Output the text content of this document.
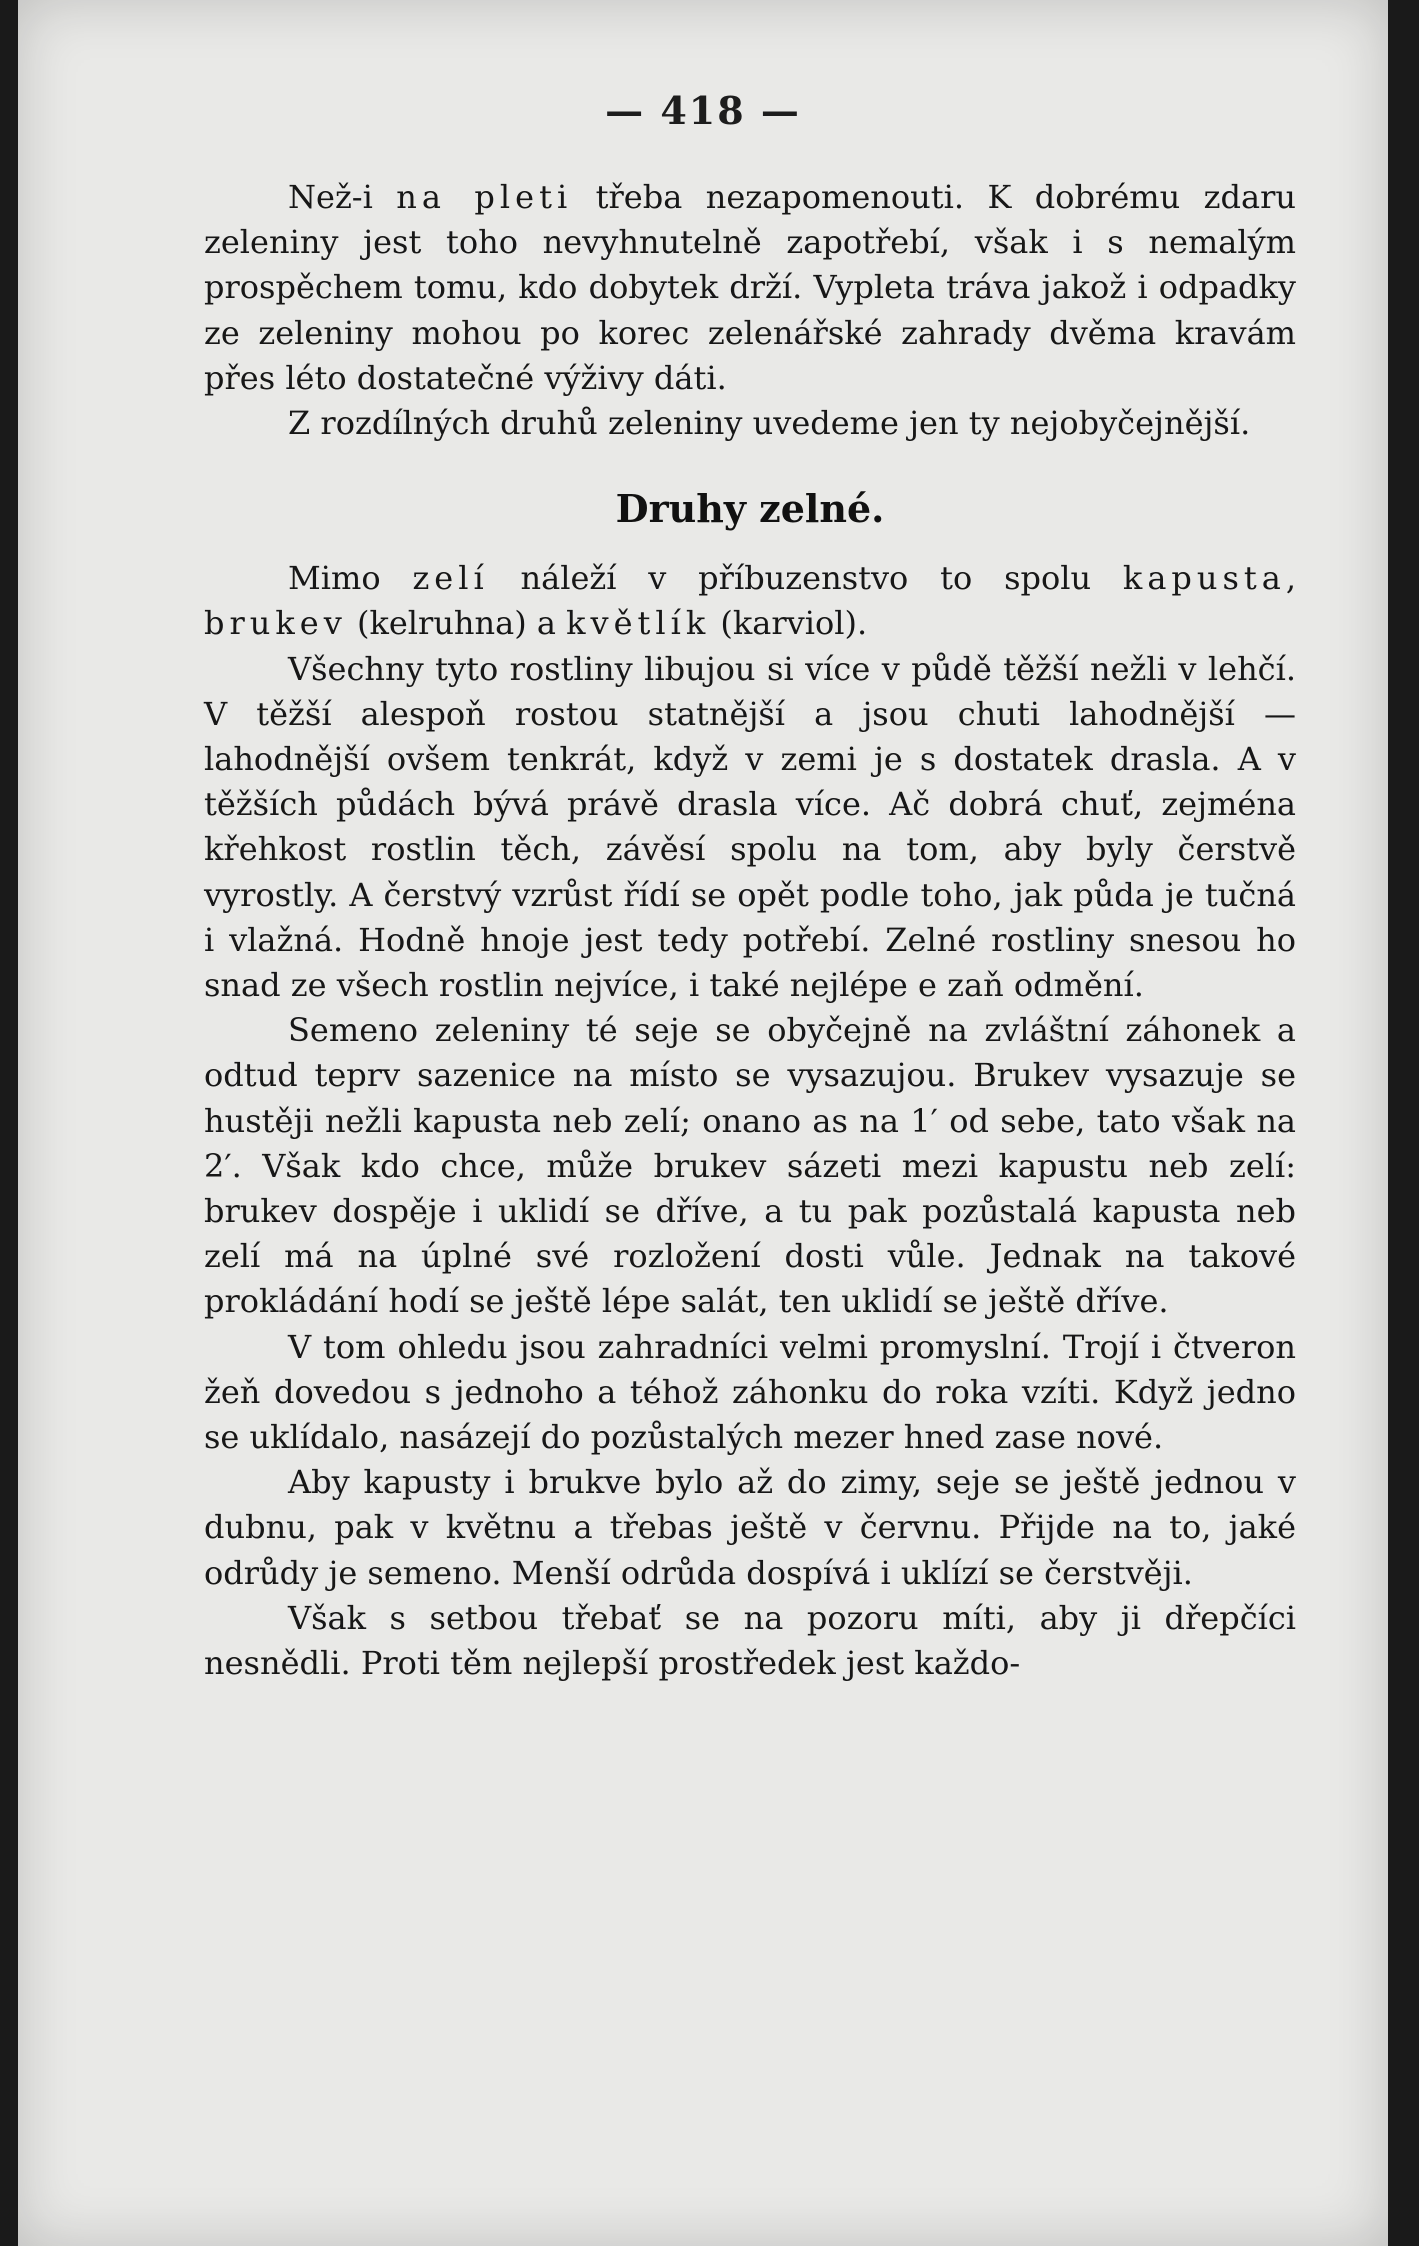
— 418 —

Než-i na pleti třeba nezapomenouti. K dobrému zdaru zeleniny jest toho nevyhnutelně zapotřebí, však i s nemalým prospěchem tomu, kdo dobytek drží. Vypleta tráva jakož i odpadky ze zeleniny mohou po korec zelenářské zahrady dvěma kravám přes léto dostatečné výživy dáti.

Z rozdílných druhů zeleniny uvedeme jen ty nejobyčejnější.

Druhy zelné.

Mimo zelí náleží v příbuzenstvo to spolu kapusta, brukev (kelruhna) a květlík (karviol).

Všechny tyto rostliny libujou si více v půdě těžší nežli v lehčí. V těžší alespoň rostou statnější a jsou chuti lahodnější — lahodnější ovšem tenkrát, když v zemi je s dostatek drasla. A v těžších půdách bývá právě drasla více. Ač dobrá chuť, zejména křehkost rostlin těch, závěsí spolu na tom, aby byly čerstvě vyrostly. A čerstvý vzrůst řídí se opět podle toho, jak půda je tučná i vlažná. Hodně hnoje jest tedy potřebí. Zelné rostliny snesou ho snad ze všech rostlin nejvíce, i také nejlépe e zaň odmění.

Semeno zeleniny té seje se obyčejně na zvláštní záhonek a odtud teprv sazenice na místo se vysazujou. Brukev vysazuje se hustěji nežli kapusta neb zelí; onano as na 1′ od sebe, tato však na 2′. Však kdo chce, může brukev sázeti mezi kapustu neb zelí: brukev dospěje i uklidí se dříve, a tu pak pozůstalá kapusta neb zelí má na úplné své rozložení dosti vůle. Jednak na takové prokládání hodí se ještě lépe salát, ten uklidí se ještě dříve.

V tom ohledu jsou zahradníci velmi promyslní. Trojí i čtveron žeň dovedou s jednoho a téhož záhonku do roka vzíti. Když jedno se uklídalo, nasázejí do pozůstalých mezer hned zase nové.

Aby kapusty i brukve bylo až do zimy, seje se ještě jednou v dubnu, pak v květnu a třebas ještě v červnu. Přijde na to, jaké odrůdy je semeno. Menší odrůda dospívá i uklízí se čerstvěji.

Však s setbou třebať se na pozoru míti, aby ji dřepčíci nesnědli. Proti těm nejlepší prostředek jest každo-
